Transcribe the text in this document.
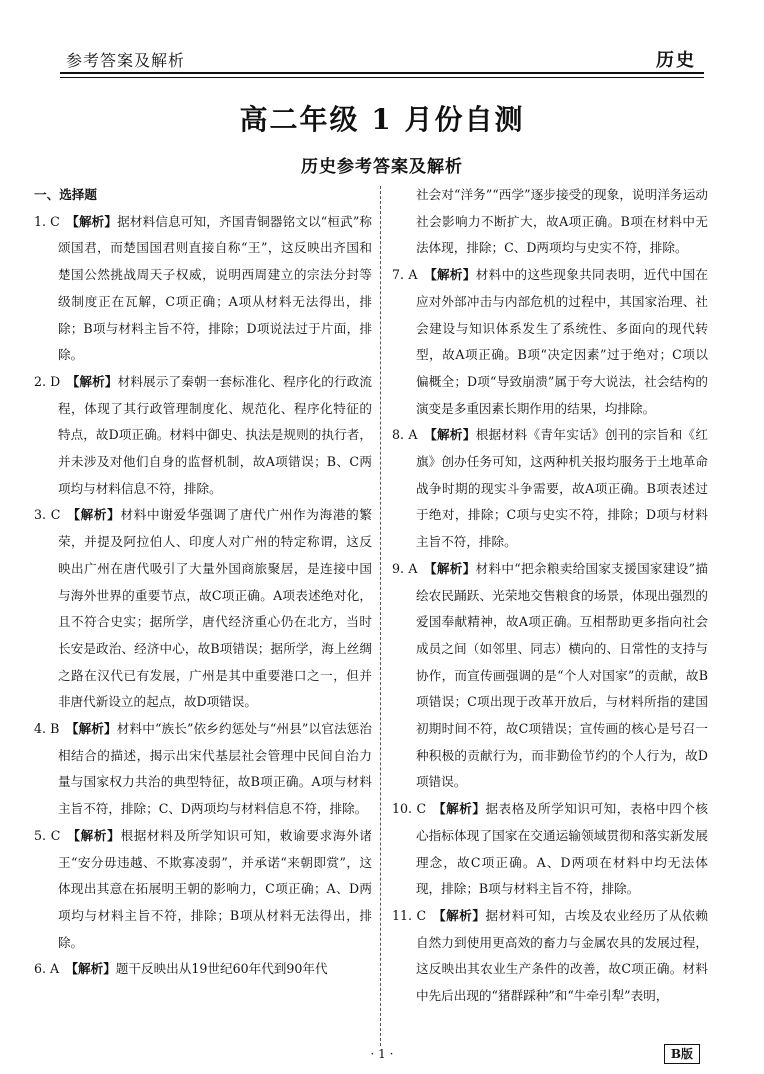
参考答案及解析	历史
高二年级 1 月份自测
历史参考答案及解析
一、选择题
1. C  【解析】据材料信息可知，齐国青铜器铭文以“桓武”称颂国君，而楚国国君则直接自称“王”，这反映出齐国和楚国公然挑战周天子权威，说明西周建立的宗法分封等级制度正在瓦解，C项正确；A项从材料无法得出，排除；B项与材料主旨不符，排除；D项说法过于片面，排除。
2. D  【解析】材料展示了秦朝一套标准化、程序化的行政流程，体现了其行政管理制度化、规范化、程序化特征的特点，故D项正确。材料中御史、执法是规则的执行者，并未涉及对他们自身的监督机制，故A项错误；B、C两项均与材料信息不符，排除。
3. C  【解析】材料中谢爱华强调了唐代广州作为海港的繁荣，并提及阿拉伯人、印度人对广州的特定称谓，这反映出广州在唐代吸引了大量外国商旅聚居，是连接中国与海外世界的重要节点，故C项正确。A项表述绝对化，且不符合史实；据所学，唐代经济重心仍在北方，当时长安是政治、经济中心，故B项错误；据所学，海上丝绸之路在汉代已有发展，广州是其中重要港口之一，但并非唐代新设立的起点，故D项错误。
4. B  【解析】材料中“族长”依乡约惩处与“州县”以官法惩治相结合的描述，揭示出宋代基层社会管理中民间自治力量与国家权力共治的典型特征，故B项正确。A项与材料主旨不符，排除；C、D两项均与材料信息不符，排除。
5. C  【解析】根据材料及所学知识可知，敕谕要求海外诸王“安分毋违越、不欺寡凌弱”，并承诺“来朝即赏”，这体现出其意在拓展明王朝的影响力，C项正确；A、D两项均与材料主旨不符，排除；B项从材料无法得出，排除。
6. A  【解析】题干反映出从19世纪60年代到90年代
社会对“洋务”“西学”逐步接受的现象，说明洋务运动社会影响力不断扩大，故A项正确。B项在材料中无法体现，排除；C、D两项均与史实不符，排除。
7. A  【解析】材料中的这些现象共同表明，近代中国在应对外部冲击与内部危机的过程中，其国家治理、社会建设与知识体系发生了系统性、多面向的现代转型，故A项正确。B项“决定因素”过于绝对；C项以偏概全；D项“导致崩溃”属于夸大说法，社会结构的演变是多重因素长期作用的结果，均排除。
8. A  【解析】根据材料《青年实话》创刊的宗旨和《红旗》创办任务可知，这两种机关报均服务于土地革命战争时期的现实斗争需要，故A项正确。B项表述过于绝对，排除；C项与史实不符，排除；D项与材料主旨不符，排除。
9. A  【解析】材料中“把余粮卖给国家支援国家建设”描绘农民踊跃、光荣地交售粮食的场景，体现出强烈的爱国奉献精神，故A项正确。互相帮助更多指向社会成员之间（如邻里、同志）横向的、日常性的支持与协作，而宣传画强调的是“个人对国家”的贡献，故B项错误；C项出现于改革开放后，与材料所指的建国初期时间不符，故C项错误；宣传画的核心是号召一种积极的贡献行为，而非勤俭节约的个人行为，故D项错误。
10. C  【解析】据表格及所学知识可知，表格中四个核心指标体现了国家在交通运输领域贯彻和落实新发展理念，故C项正确。A、D两项在材料中均无法体现，排除；B项与材料主旨不符，排除。
11. C  【解析】据材料可知，古埃及农业经历了从依赖自然力到使用更高效的畜力与金属农具的发展过程，这反映出其农业生产条件的改善，故C项正确。材料中先后出现的“猪群踩种”和“牛牵引犁”表明，
· 1 ·	B版
